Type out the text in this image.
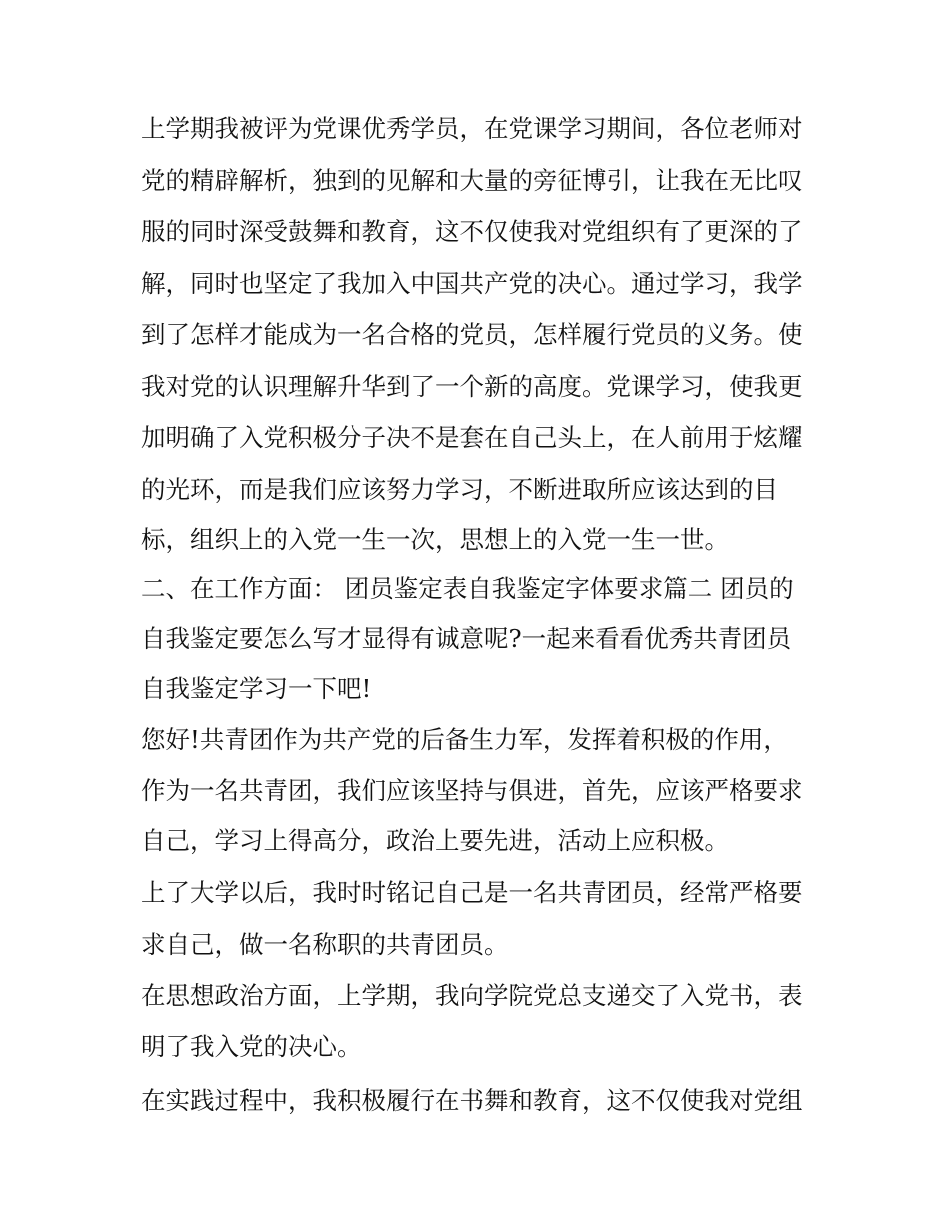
上学期我被评为党课优秀学员，在党课学习期间，各位老师对
党的精辟解析，独到的见解和大量的旁征博引，让我在无比叹
服的同时深受鼓舞和教育，这不仅使我对党组织有了更深的了
解，同时也坚定了我加入中国共产党的决心。通过学习，我学
到了怎样才能成为一名合格的党员，怎样履行党员的义务。使
我对党的认识理解升华到了一个新的高度。党课学习，使我更
加明确了入党积极分子决不是套在自己头上，在人前用于炫耀
的光环，而是我们应该努力学习，不断进取所应该达到的目
标，组织上的入党一生一次，思想上的入党一生一世。
二、在工作方面： 团员鉴定表自我鉴定字体要求篇二 团员的
自我鉴定要怎么写才显得有诚意呢?一起来看看优秀共青团员
自我鉴定学习一下吧!
您好!共青团作为共产党的后备生力军，发挥着积极的作用，
作为一名共青团，我们应该坚持与俱进，首先，应该严格要求
自己，学习上得高分，政治上要先进，活动上应积极。
上了大学以后，我时时铭记自己是一名共青团员，经常严格要
求自己，做一名称职的共青团员。
在思想政治方面，上学期，我向学院党总支递交了入党书，表
明了我入党的决心。
在实践过程中，我积极履行在书舞和教育，这不仅使我对党组
